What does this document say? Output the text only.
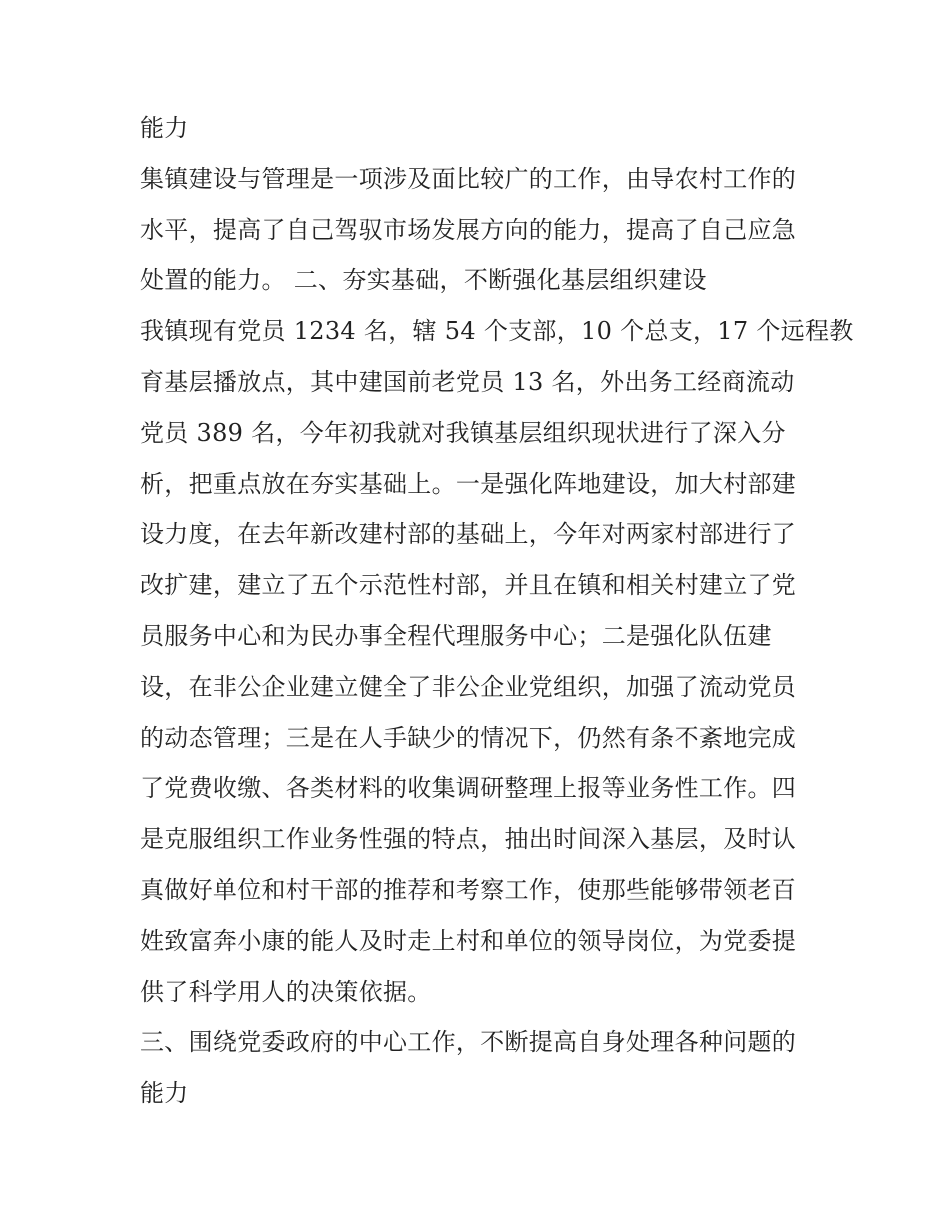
能力
集镇建设与管理是一项涉及面比较广的工作，由导农村工作的
水平，提高了自己驾驭市场发展方向的能力，提高了自己应急
处置的能力。 二、夯实基础，不断强化基层组织建设
我镇现有党员 1234 名，辖 54 个支部，10 个总支，17 个远程教
育基层播放点，其中建国前老党员 13 名，外出务工经商流动
党员 389 名，今年初我就对我镇基层组织现状进行了深入分
析，把重点放在夯实基础上。一是强化阵地建设，加大村部建
设力度，在去年新改建村部的基础上，今年对两家村部进行了
改扩建，建立了五个示范性村部，并且在镇和相关村建立了党
员服务中心和为民办事全程代理服务中心；二是强化队伍建
设，在非公企业建立健全了非公企业党组织，加强了流动党员
的动态管理；三是在人手缺少的情况下，仍然有条不紊地完成
了党费收缴、各类材料的收集调研整理上报等业务性工作。四
是克服组织工作业务性强的特点，抽出时间深入基层，及时认
真做好单位和村干部的推荐和考察工作，使那些能够带领老百
姓致富奔小康的能人及时走上村和单位的领导岗位，为党委提
供了科学用人的决策依据。
三、围绕党委政府的中心工作，不断提高自身处理各种问题的
能力
